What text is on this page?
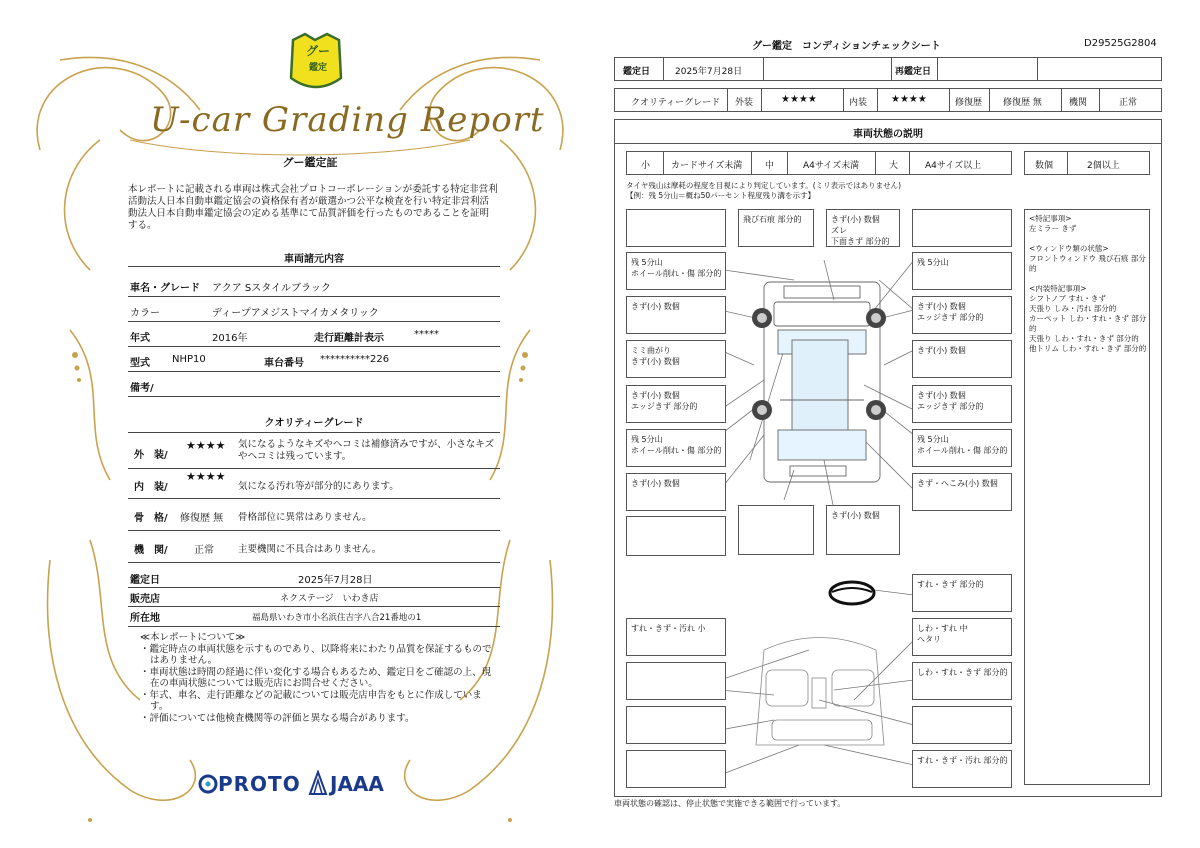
グー
鑑定
U-car Grading Report
グー鑑定証
本レポートに記載される車両は株式会社プロトコーポレーションが委託する特定非営利活動法人日本自動車鑑定協会の資格保有者が厳選かつ公平な検査を行い特定非営利活動法人日本自動車鑑定協会の定める基準にて品質評価を行ったものであることを証明する。
車両諸元内容
車名・グレード アクア Sスタイルブラック
カラー	ディープアメジストマイカメタリック
年式	2016年	走行距離計表示	*****
型式 NHP10	車台番号 **********226
備考/
クオリティーグレード
外　装/
★★★★ 気になるようなキズやヘコミは補修済みですが、小さなキズやヘコミは残っています。
内　装/
★★★★
気になる汚れ等が部分的にあります。
骨　格/ 修復歴 無 骨格部位に異常はありません。
機　関/	正常	主要機関に不具合はありません。
鑑定日	2025年7月28日
販売店	ネクステージ　いわき店
所在地	福島県いわき市小名浜住吉字八合21番地の1
≪本レポートについて≫
・鑑定時点の車両状態を示すものであり、以降将来にわたり品質を保証するものではありません。
・車両状態は時間の経過に伴い変化する場合もあるため、鑑定日をご確認の上、現在の車両状態については販売店にお問合せください。
・年式、車名、走行距離などの記載については販売店申告をもとに作成しています。
・評価については他検査機関等の評価と異なる場合があります。
PROTO JAAA
グー鑑定　コンディションチェックシート	D29525G2804
鑑定日	2025年7月28日	再鑑定日
クオリティーグレード 外装	★★★★	内装 ★★★★	修復歴 修復歴 無	機関	正常
車両状態の説明
小 カードサイズ未満	中	A4サイズ未満	大	A4サイズ以上	数個	2個以上
タイヤ残山は摩耗の程度を目視により判定しています。(ミリ表示ではありません)
【例：残 5分山＝概ね50パーセント程度残り溝を示す】
飛び石痕 部分的	きず(小) 数個
ズレ
下面きず 部分的
残 5分山
ホイール削れ・傷 部分的
残 5分山
きず(小) 数個	きず(小) 数個
エッジきず 部分的
ミミ曲がり
きず(小) 数個
きず(小) 数個
きず(小) 数個
エッジきず 部分的
きず(小) 数個
エッジきず 部分的
残 5分山
ホイール削れ・傷 部分的
残 5分山
ホイール削れ・傷 部分的
きず(小) 数個	きず・へこみ(小) 数個
きず(小) 数個
<特記事項>
左ミラー きず

<ウィンドウ類の状態>
フロントウィンドウ 飛び石痕 部分的

<内装特記事項>
シフトノブ すれ・きず
天張り しみ・汚れ 部分的
カーペット しわ・すれ・きず 部分的
天張り しわ・すれ・きず 部分的
他トリム しわ・すれ・きず 部分的
すれ・きず 部分的
すれ・きず・汚れ 小	しわ・すれ 中
ヘタリ
しわ・すれ・きず 部分的
すれ・きず・汚れ 部分的
車両状態の確認は、停止状態で実施できる範囲で行っています。
